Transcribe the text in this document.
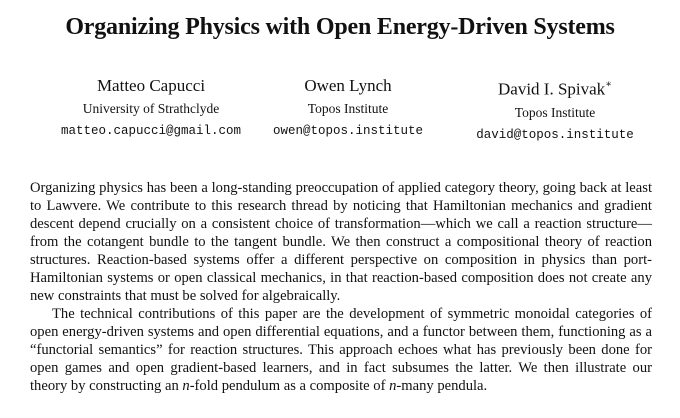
Organizing Physics with Open Energy-Driven Systems
Matteo Capucci
University of Strathclyde
matteo.capucci@gmail.com
Owen Lynch
Topos Institute
owen@topos.institute
David I. Spivak∗
Topos Institute
david@topos.institute

Organizing physics has been a long-standing preoccupation of applied category theory, going back at least to Lawvere. We contribute to this research thread by noticing that Hamiltonian mechanics and gradient descent depend crucially on a consistent choice of transformation—which we call a reaction structure—from the cotangent bundle to the tangent bundle. We then construct a compositional theory of reaction structures. Reaction-based systems offer a different perspective on composition in physics than port-Hamiltonian systems or open classical mechanics, in that reaction-based composition does not create any new constraints that must be solved for algebraically.

The technical contributions of this paper are the development of symmetric monoidal categories of open energy-driven systems and open differential equations, and a functor between them, functioning as a “functorial semantics” for reaction structures. This approach echoes what has previously been done for open games and open gradient-based learners, and in fact subsumes the latter. We then illustrate our theory by constructing an n-fold pendulum as a composite of n-many pendula.
